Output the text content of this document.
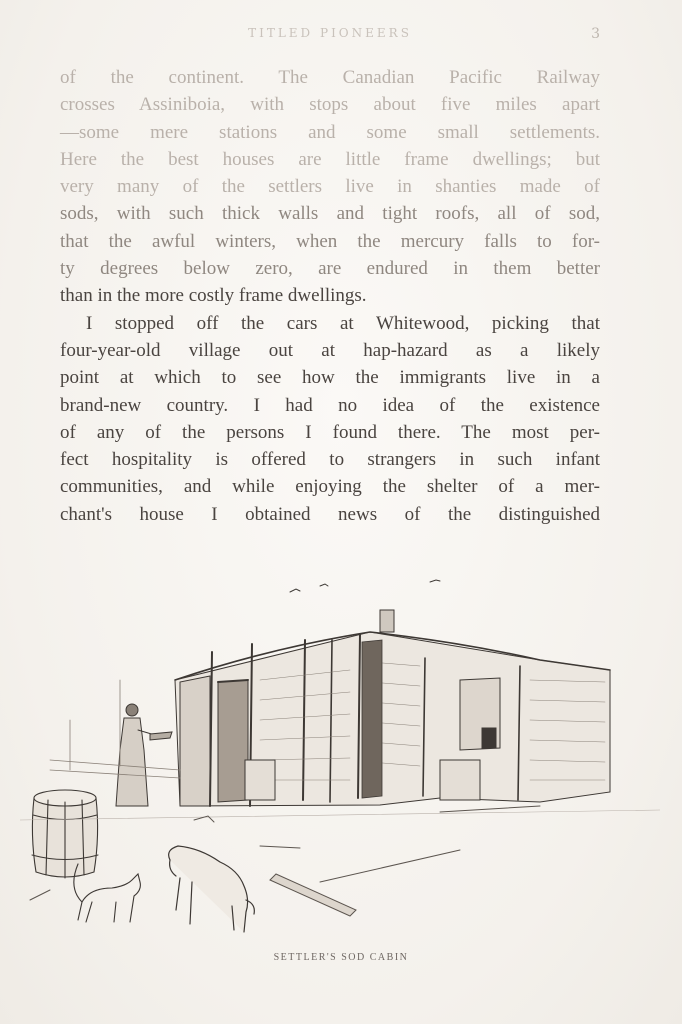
TITLED PIONEERS	3
of the continent. The Canadian Pacific Railway
crosses Assiniboia, with stops about five miles apart
—some mere stations and some small settlements.
Here the best houses are little frame dwellings; but
very many of the settlers live in shanties made of
sods, with such thick walls and tight roofs, all of sod,
that the awful winters, when the mercury falls to for-
ty degrees below zero, are endured in them better
than in the more costly frame dwellings.
I stopped off the cars at Whitewood, picking that
four-year-old village out at hap-hazard as a likely
point at which to see how the immigrants live in a
brand-new country. I had no idea of the existence
of any of the persons I found there. The most per-
fect hospitality is offered to strangers in such infant
communities, and while enjoying the shelter of a mer-
chant's house I obtained news of the distinguished
SETTLER'S SOD CABIN
